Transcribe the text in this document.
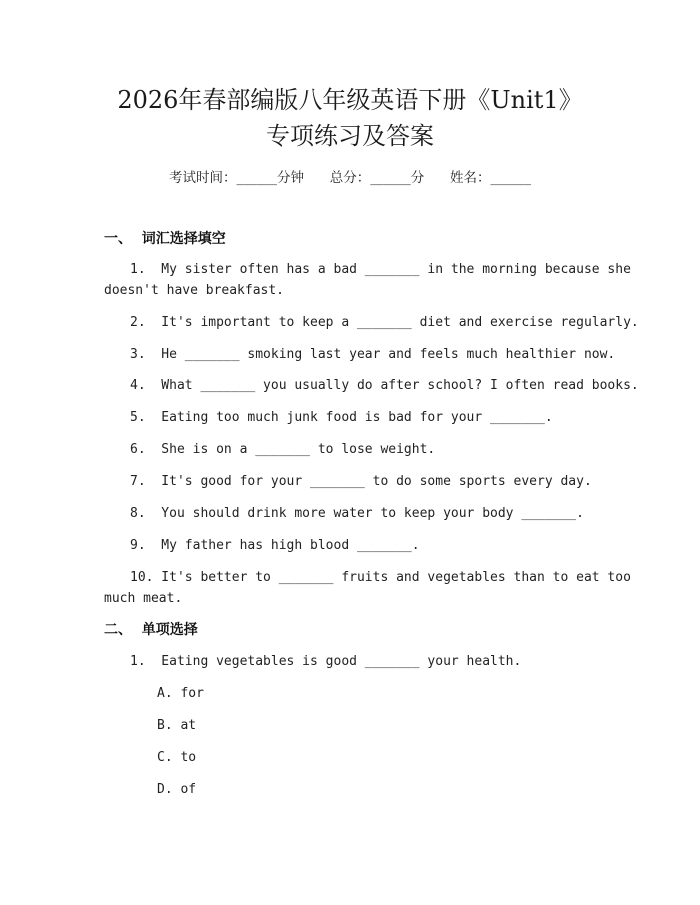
2026年春部编版八年级英语下册《Unit1》
专项练习及答案
考试时间：______分钟 总分：______分 姓名：______
一、  词汇选择填空
1.  My sister often has a bad _______ in the morning because she
doesn't have breakfast.
2.  It's important to keep a _______ diet and exercise regularly.
3.  He _______ smoking last year and feels much healthier now.
4.  What _______ you usually do after school? I often read books.
5.  Eating too much junk food is bad for your _______.
6.  She is on a _______ to lose weight.
7.  It's good for your _______ to do some sports every day.
8.  You should drink more water to keep your body _______.
9.  My father has high blood _______.
10. It's better to _______ fruits and vegetables than to eat too
much meat.
二、  单项选择
1.  Eating vegetables is good _______ your health.
A. for
B. at
C. to
D. of
